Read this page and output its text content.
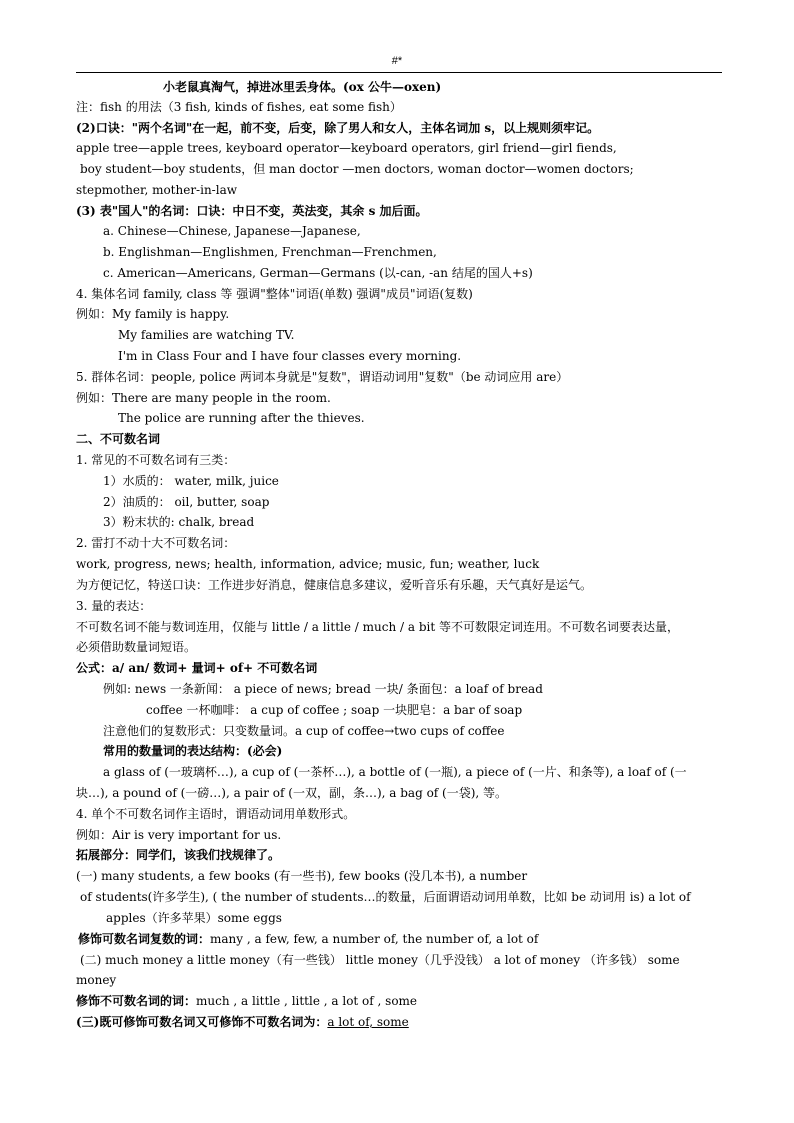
#*
小老鼠真淘气，掉进冰里丢身体。(ox 公牛—oxen)
注：fish 的用法（3 fish, kinds of fishes, eat some fish）
(2)口诀："两个名词"在一起，前不变，后变，除了男人和女人，主体名词加 s，以上规则须牢记。
apple tree—apple trees, keyboard operator—keyboard operators, girl friend—girl fiends,
boy student—boy students，但 man doctor —men doctors, woman doctor—women doctors;
stepmother, mother-in-law
(3) 表"国人"的名词：口诀：中日不变，英法变，其余 s 加后面。
a. Chinese—Chinese, Japanese—Japanese,
b. Englishman—Englishmen, Frenchman—Frenchmen,
c. American—Americans, German—Germans (以-can, -an 结尾的国人+s)
4. 集体名词 family, class 等 强调"整体"词语(单数) 强调"成员"词语(复数)
例如：My family is happy.
My families are watching TV.
I'm in Class Four and I have four classes every morning.
5. 群体名词：people, police 两词本身就是"复数"，谓语动词用"复数"（be 动词应用 are）
例如：There are many people in the room.
The police are running after the thieves.
二、不可数名词
1. 常见的不可数名词有三类：
1）水质的： water, milk, juice
2）油质的： oil, butter, soap
3）粉末状的: chalk, bread
2. 雷打不动十大不可数名词：
work, progress, news; health, information, advice; music, fun; weather, luck
为方便记忆，特送口诀：工作进步好消息，健康信息多建议，爱听音乐有乐趣，天气真好是运气。
3. 量的表达：
不可数名词不能与数词连用，仅能与 little / a little / much / a bit 等不可数限定词连用。不可数名词要表达量，
必须借助数量词短语。
公式：a/ an/ 数词+ 量词+ of+ 不可数名词
例如: news 一条新闻： a piece of news; bread 一块/ 条面包：a loaf of bread
coffee 一杯咖啡： a cup of coffee ; soap 一块肥皂：a bar of soap
注意他们的复数形式：只变数量词。a cup of coffee→two cups of coffee
常用的数量词的表达结构：(必会)
a glass of (一玻璃杯…), a cup of (一茶杯…), a bottle of (一瓶), a piece of (一片、和条等), a loaf of (一
块…), a pound of (一磅…), a pair of (一双，副，条…), a bag of (一袋), 等。
4. 单个不可数名词作主语时，谓语动词用单数形式。
例如：Air is very important for us.
拓展部分：同学们，该我们找规律了。
(一) many students, a few books (有一些书), few books (没几本书), a number
of students(许多学生), ( the number of students…的数量，后面谓语动词用单数，比如 be 动词用 is) a lot of
apples（许多苹果）some eggs
修饰可数名词复数的词：many , a few, few, a number of, the number of, a lot of
(二) much money a little money（有一些钱） little money（几乎没钱） a lot of money （许多钱） some
money
修饰不可数名词的词：much , a little , little , a lot of , some
(三)既可修饰可数名词又可修饰不可数名词为：a lot of, some
